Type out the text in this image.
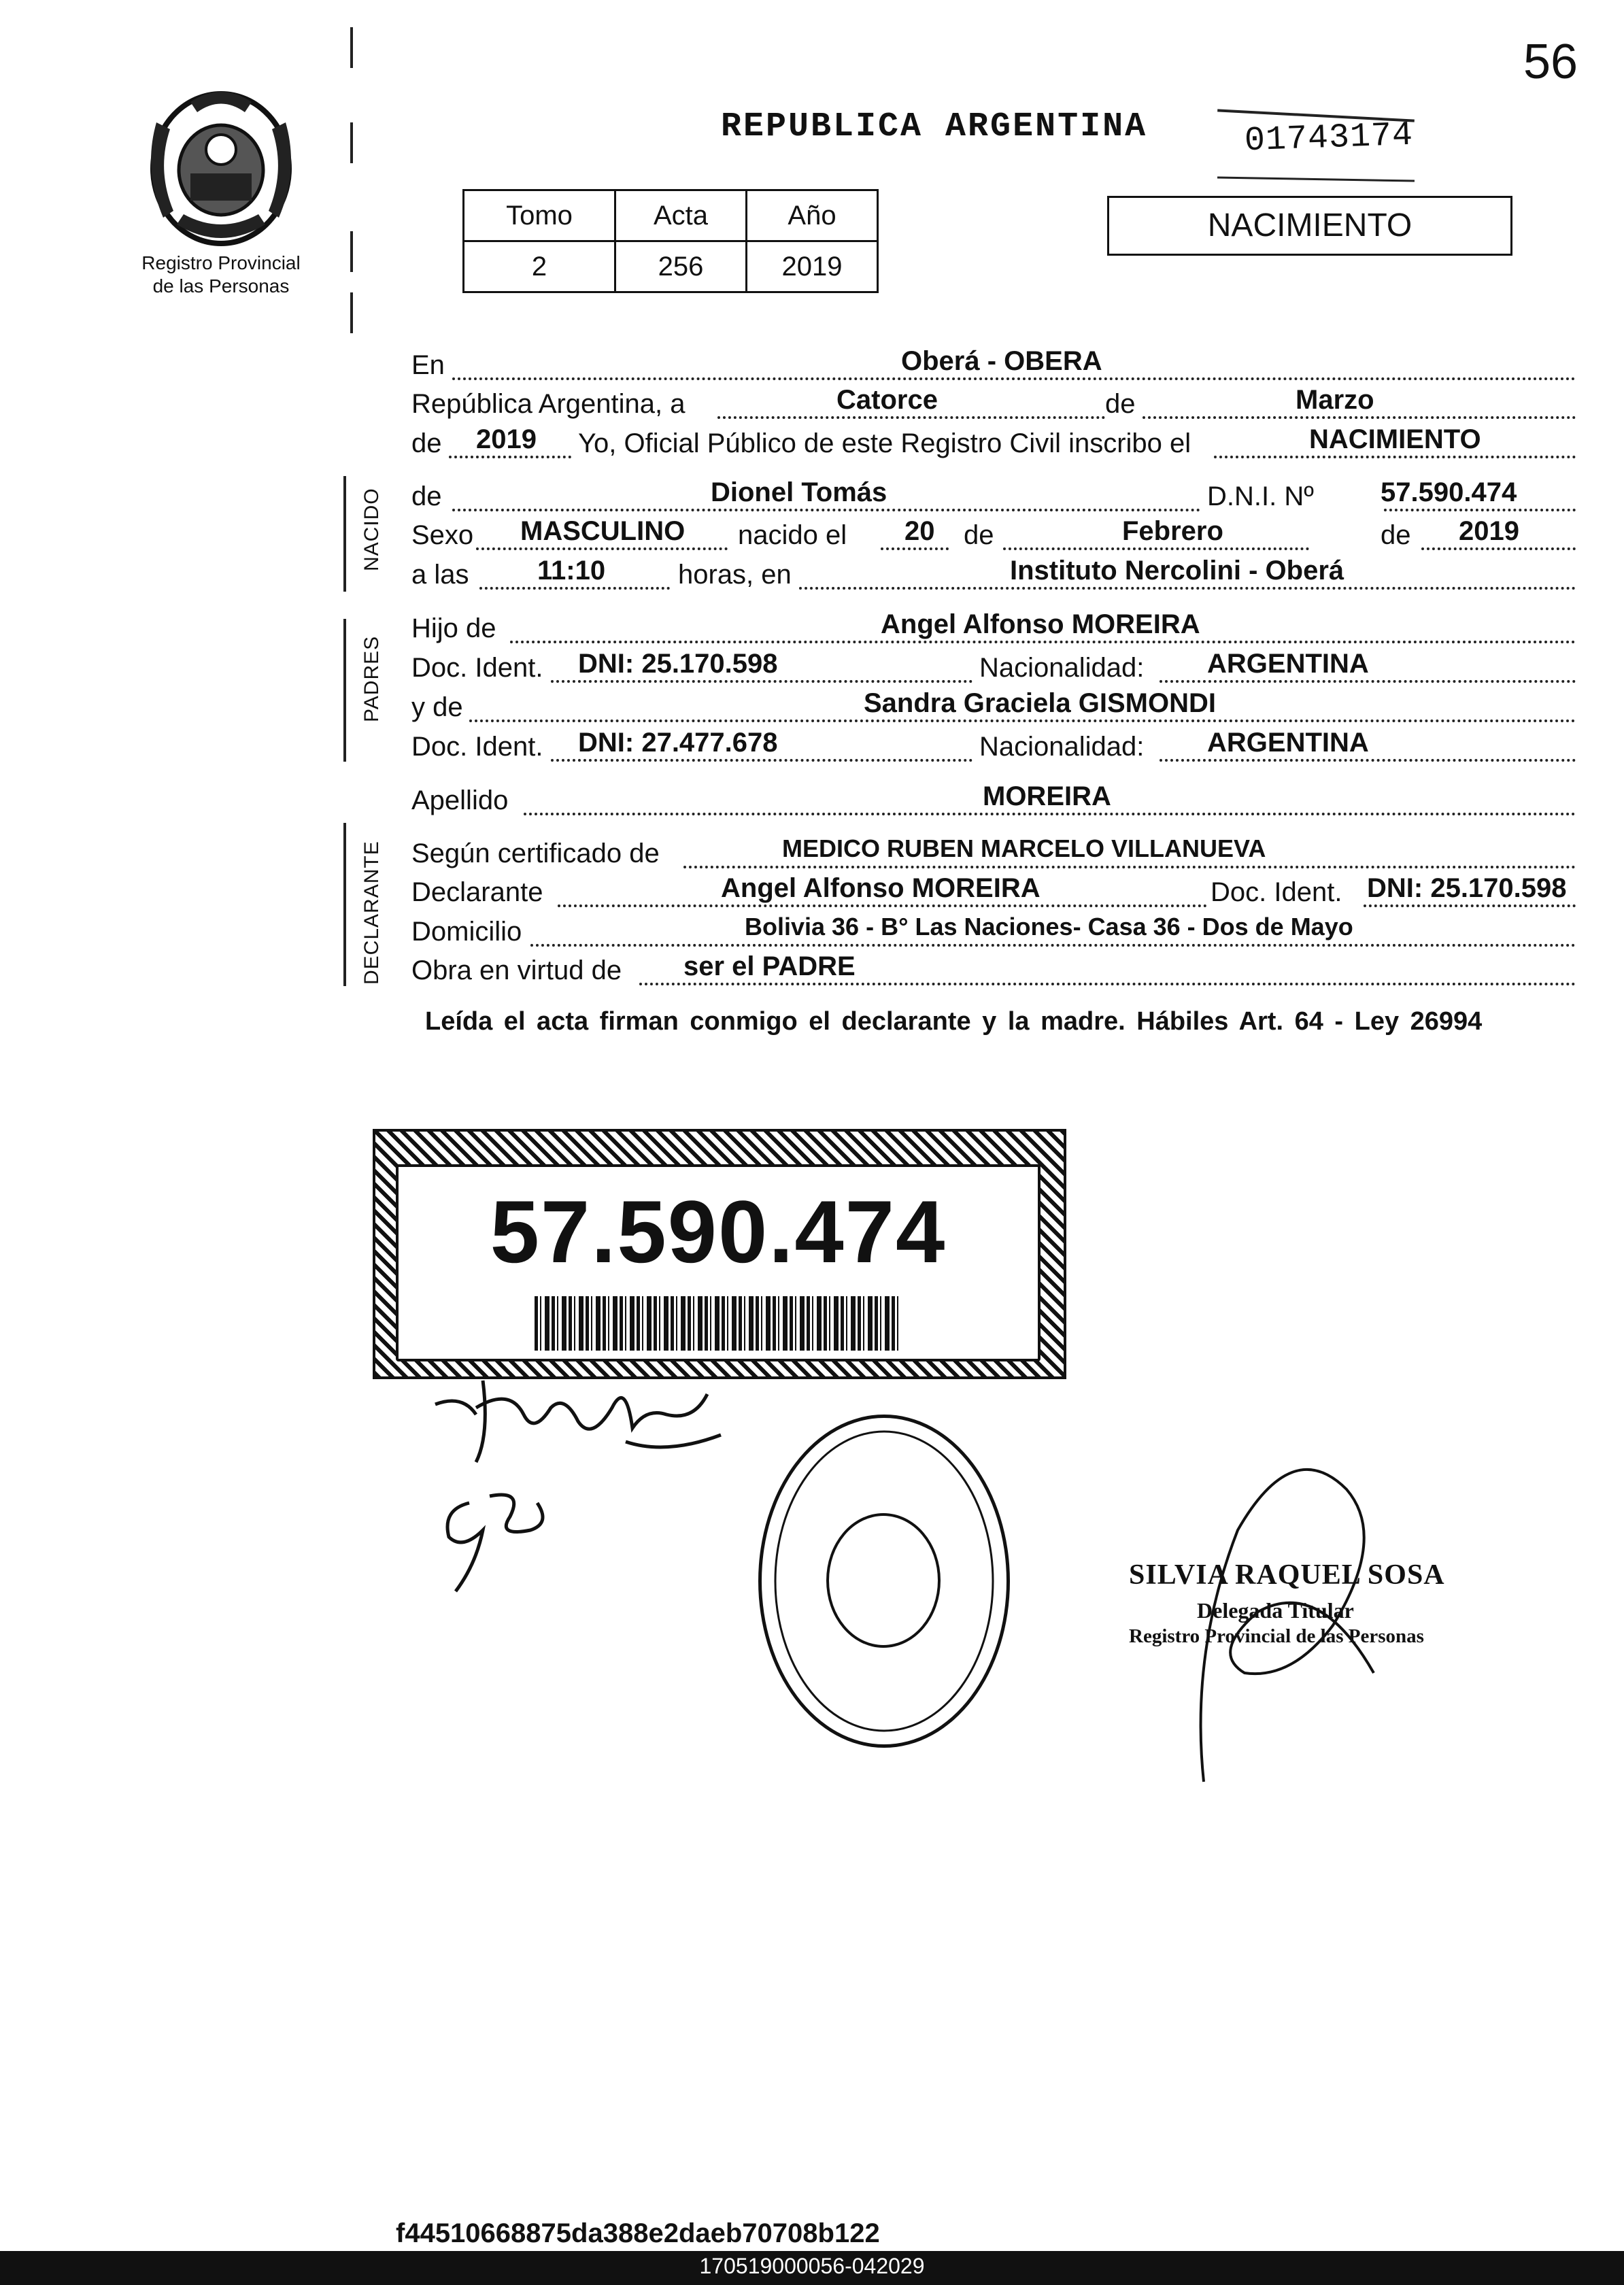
56
Registro Provincial
de las Personas
REPUBLICA ARGENTINA	01743174
Tomo	Acta	Año
2	256	2019
NACIMIENTO
NACIDO
PADRES
DECLARANTE
En	Oberá - OBERA
República Argentina, a	Catorce	de	Marzo
de 2019 Yo, Oficial Público de este Registro Civil inscribo el	NACIMIENTO
de	Dionel Tomás	D.N.I. Nº 57.590.474
Sexo MASCULINO nacido el 20 de	Febrero	de 2019
a las	11:10	horas, en	Instituto Nercolini - Oberá
Hijo de	Angel Alfonso MOREIRA
Doc. Ident. DNI: 25.170.598	Nacionalidad: ARGENTINA
y de	Sandra Graciela GISMONDI
Doc. Ident. DNI: 27.477.678	Nacionalidad: ARGENTINA
Apellido	MOREIRA
Según certificado de	MEDICO RUBEN MARCELO VILLANUEVA
Declarante	Angel Alfonso MOREIRA	Doc. Ident. DNI: 25.170.598
Domicilio	Bolivia 36 - B° Las Naciones- Casa 36 - Dos de Mayo
Obra en virtud de ser el PADRE
Leída el acta firman conmigo el declarante y la madre. Hábiles Art. 64 - Ley 26994
57.590.474
SILVIA RAQUEL SOSA
Delegada Titular
Registro Provincial de las Personas
f44510668875da388e2daeb70708b122
170519000056-042029
